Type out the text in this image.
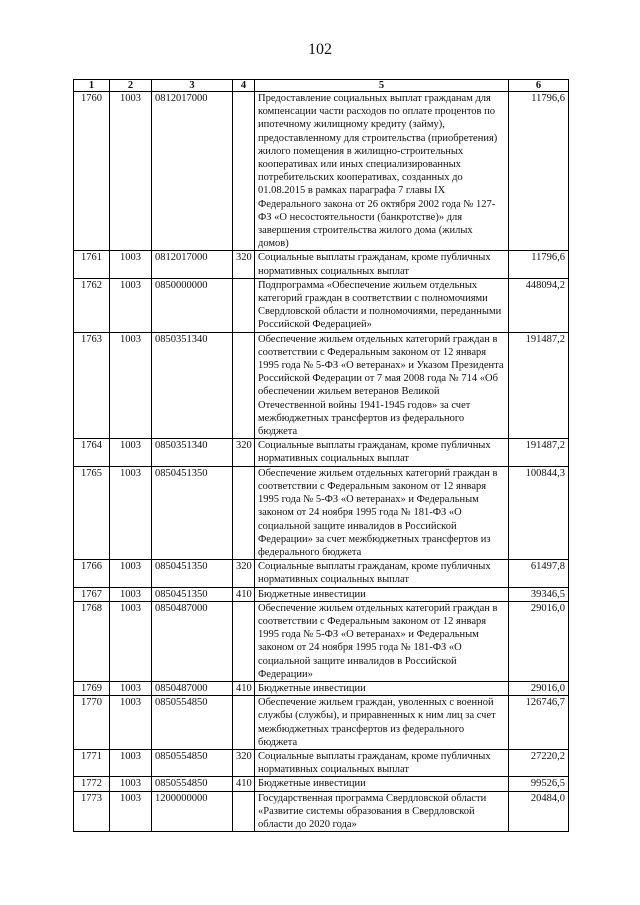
102
1	2	3	4	5	6
1760	1003	0812017000		Предоставление социальных выплат гражданам для компенсации части расходов по оплате процентов по ипотечному жилищному кредиту (займу), предоставленному для строительства (приобретения) жилого помещения в жилищно-строительных кооперативах или иных специализированных потребительских кооперативах, созданных до 01.08.2015 в рамках параграфа 7 главы IX Федерального закона от 26 октября 2002 года № 127-ФЗ «О несостоятельности (банкротстве)» для завершения строительства жилого дома (жилых домов)	11796,6
1761	1003	0812017000	320	Социальные выплаты гражданам, кроме публичных нормативных социальных выплат	11796,6
1762	1003	0850000000		Подпрограмма «Обеспечение жильем отдельных категорий граждан в соответствии с полномочиями Свердловской области и полномочиями, переданными Российской Федерацией»	448094,2
1763	1003	0850351340		Обеспечение жильем отдельных категорий граждан в соответствии с Федеральным законом от 12 января 1995 года № 5-ФЗ «О ветеранах» и Указом Президента Российской Федерации от 7 мая 2008 года № 714 «Об обеспечении жильем ветеранов Великой Отечественной войны 1941-1945 годов» за счет межбюджетных трансфертов из федерального бюджета	191487,2
1764	1003	0850351340	320	Социальные выплаты гражданам, кроме публичных нормативных социальных выплат	191487,2
1765	1003	0850451350		Обеспечение жильем отдельных категорий граждан в соответствии с Федеральным законом от 12 января 1995 года № 5-ФЗ «О ветеранах» и Федеральным законом от 24 ноября 1995 года № 181-ФЗ «О социальной защите инвалидов в Российской Федерации» за счет межбюджетных трансфертов из федерального бюджета	100844,3
1766	1003	0850451350	320	Социальные выплаты гражданам, кроме публичных нормативных социальных выплат	61497,8
1767	1003	0850451350	410	Бюджетные инвестиции	39346,5
1768	1003	0850487000		Обеспечение жильем отдельных категорий граждан в соответствии с Федеральным законом от 12 января 1995 года № 5-ФЗ «О ветеранах» и Федеральным законом от 24 ноября 1995 года № 181-ФЗ «О социальной защите инвалидов в Российской Федерации»	29016,0
1769	1003	0850487000	410	Бюджетные инвестиции	29016,0
1770	1003	0850554850		Обеспечение жильем граждан, уволенных с военной службы (службы), и приравненных к ним лиц за счет межбюджетных трансфертов из федерального бюджета	126746,7
1771	1003	0850554850	320	Социальные выплаты гражданам, кроме публичных нормативных социальных выплат	27220,2
1772	1003	0850554850	410	Бюджетные инвестиции	99526,5
1773	1003	1200000000		Государственная программа Свердловской области «Развитие системы образования в Свердловской области до 2020 года»	20484,0
